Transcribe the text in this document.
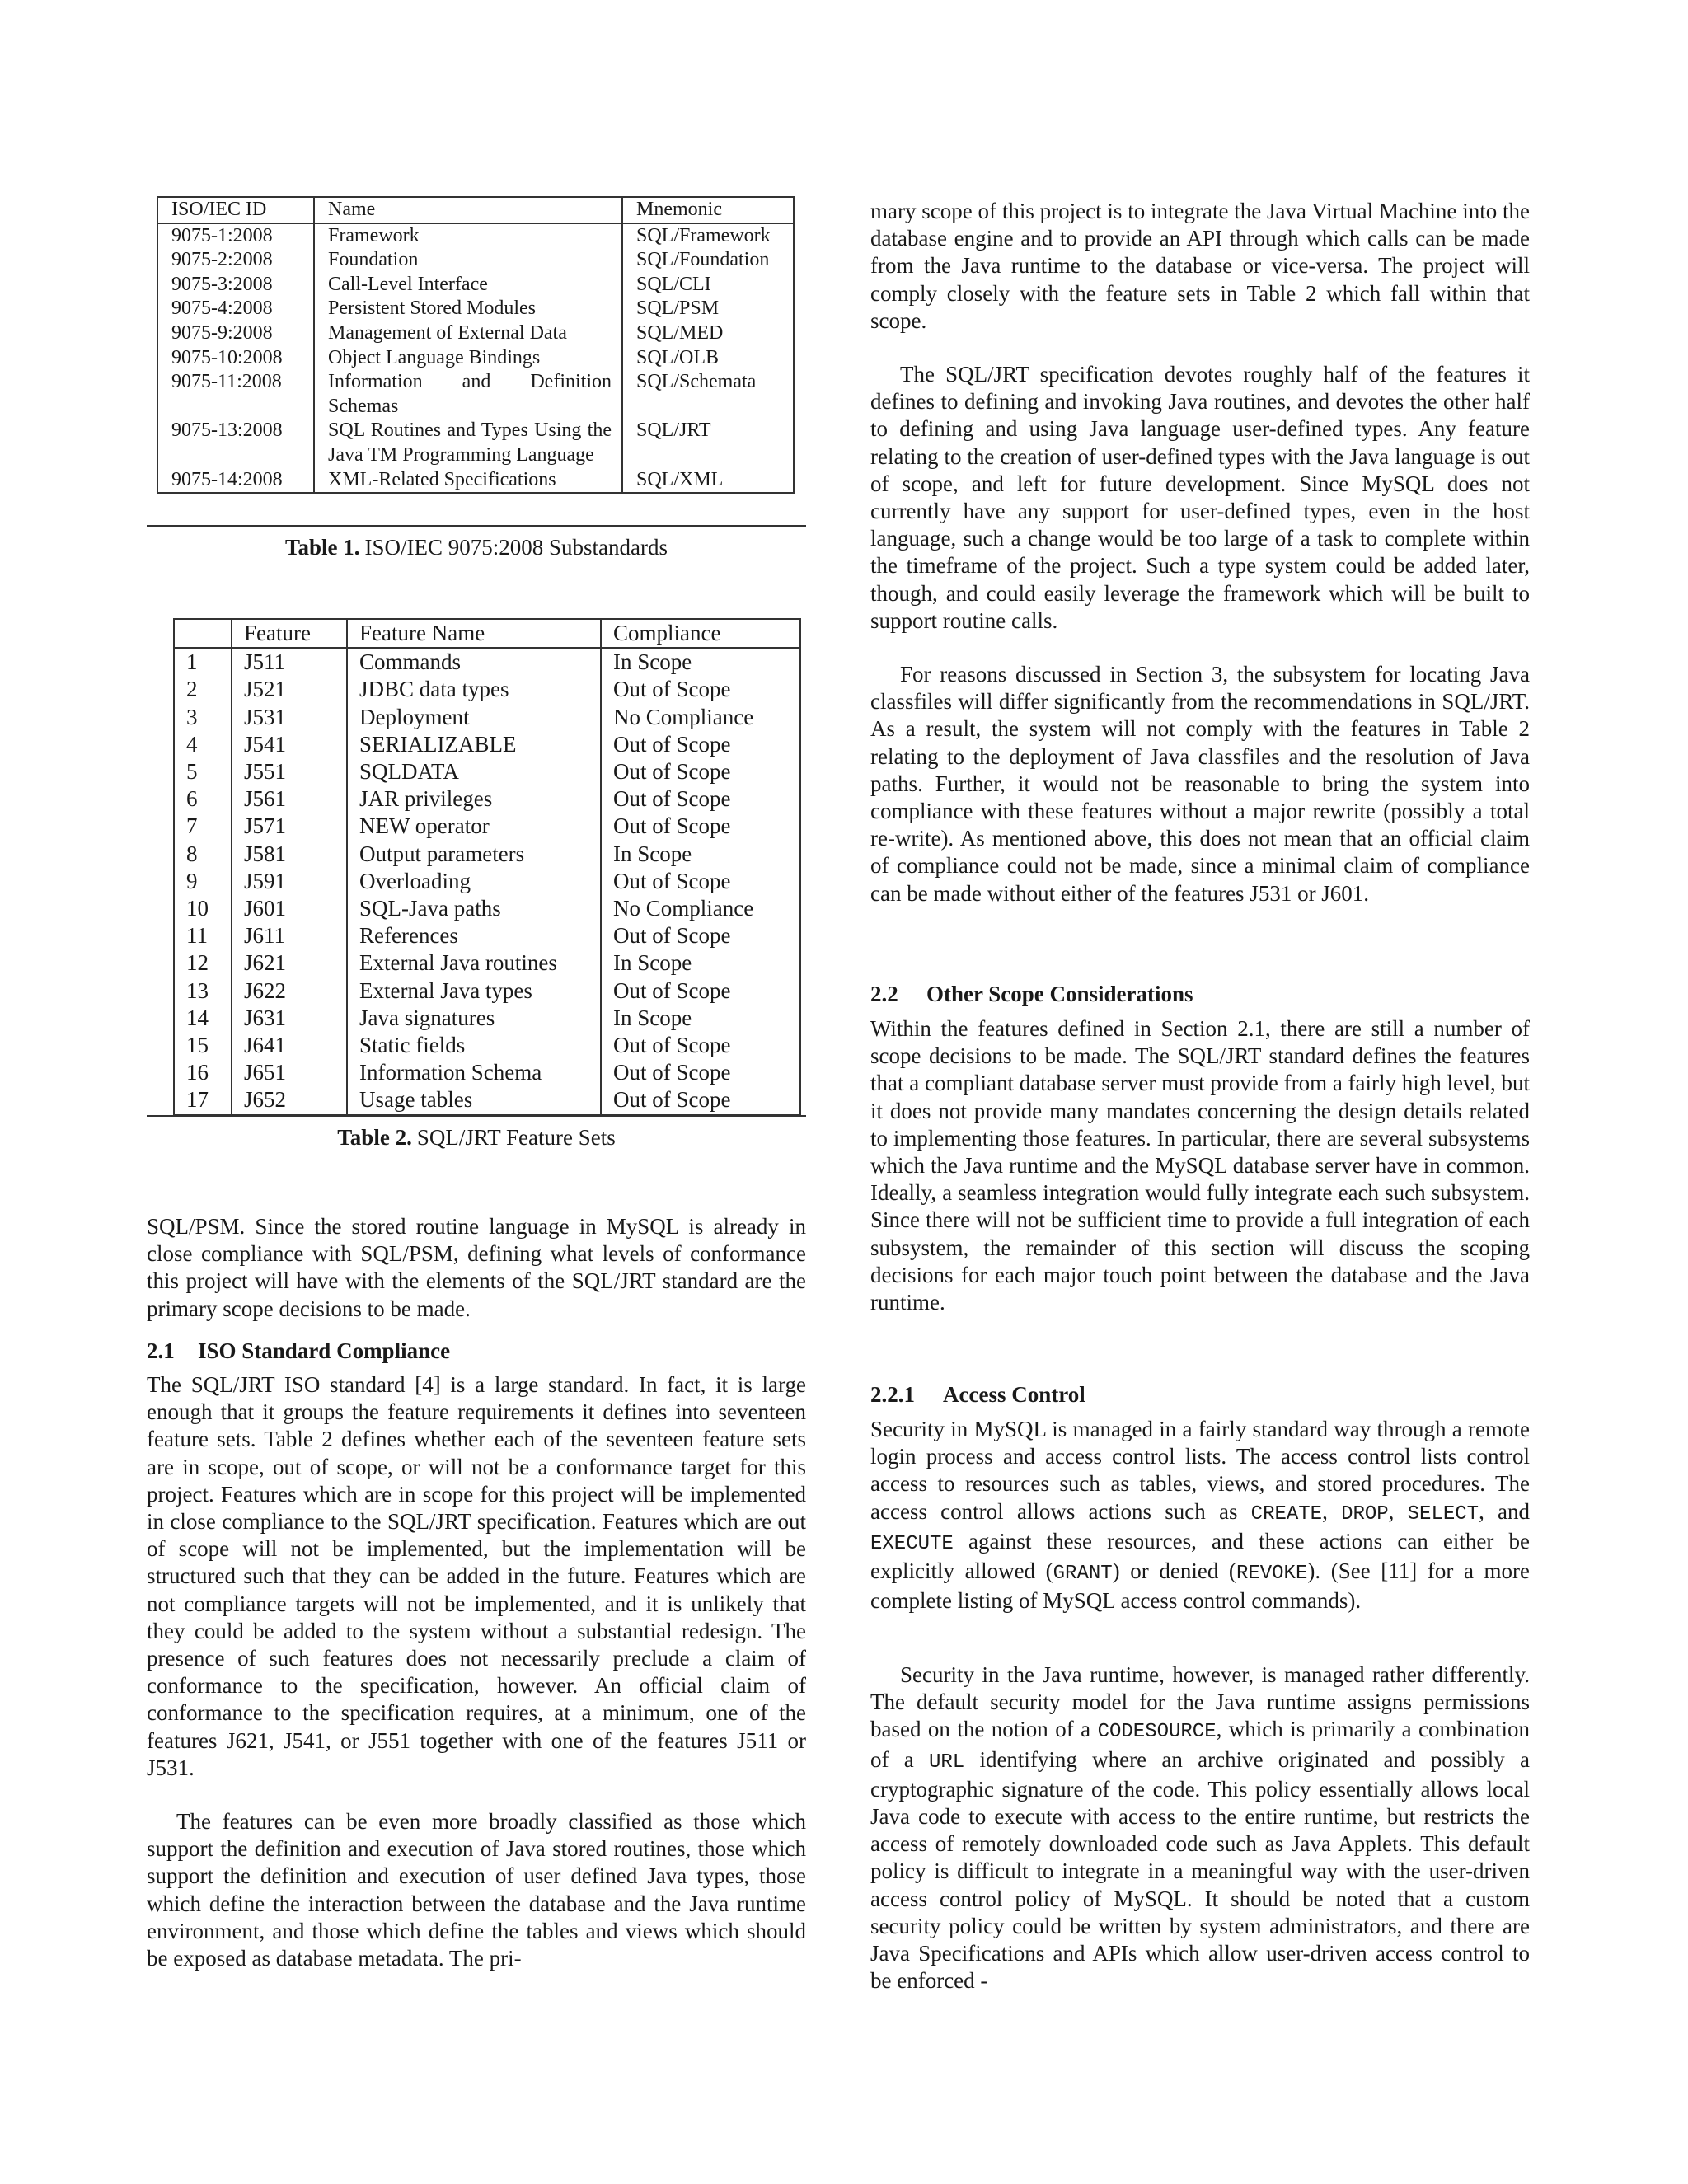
ISO/IEC ID	Name	Mnemonic
9075-1:2008	Framework	SQL/Framework
9075-2:2008	Foundation	SQL/Foundation
9075-3:2008	Call-Level Interface	SQL/CLI
9075-4:2008	Persistent Stored Modules	SQL/PSM
9075-9:2008	Management of External Data	SQL/MED
9075-10:2008	Object Language Bindings	SQL/OLB
9075-11:2008	Information and Definition Schemas	SQL/Schemata
9075-13:2008	SQL Routines and Types Using the Java TM Programming Language	SQL/JRT
9075-14:2008	XML-Related Specifications	SQL/XML
Table 1. ISO/IEC 9075:2008 Substandards
	Feature	Feature Name	Compliance
1	J511	Commands	In Scope
2	J521	JDBC data types	Out of Scope
3	J531	Deployment	No Compliance
4	J541	SERIALIZABLE	Out of Scope
5	J551	SQLDATA	Out of Scope
6	J561	JAR privileges	Out of Scope
7	J571	NEW operator	Out of Scope
8	J581	Output parameters	In Scope
9	J591	Overloading	Out of Scope
10	J601	SQL-Java paths	No Compliance
11	J611	References	Out of Scope
12	J621	External Java routines	In Scope
13	J622	External Java types	Out of Scope
14	J631	Java signatures	In Scope
15	J641	Static fields	Out of Scope
16	J651	Information Schema	Out of Scope
17	J652	Usage tables	Out of Scope
Table 2. SQL/JRT Feature Sets

SQL/PSM. Since the stored routine language in MySQL is already in close compliance with SQL/PSM, defining what levels of conformance this project will have with the elements of the SQL/JRT standard are the primary scope decisions to be made.

2.1 ISO Standard Compliance

The SQL/JRT ISO standard [4] is a large standard. In fact, it is large enough that it groups the feature requirements it defines into seventeen feature sets. Table 2 defines whether each of the seventeen feature sets are in scope, out of scope, or will not be a conformance target for this project. Features which are in scope for this project will be implemented in close compliance to the SQL/JRT specification. Features which are out of scope will not be implemented, but the implementation will be structured such that they can be added in the future. Features which are not compliance targets will not be implemented, and it is unlikely that they could be added to the system without a substantial redesign. The presence of such features does not necessarily preclude a claim of conformance to the specification, however. An official claim of conformance to the specification requires, at a minimum, one of the features J621, J541, or J551 together with one of the features J511 or J531.

The features can be even more broadly classified as those which support the definition and execution of Java stored routines, those which support the definition and execution of user defined Java types, those which define the interaction between the database and the Java runtime environment, and those which define the tables and views which should be exposed as database metadata. The pri-

mary scope of this project is to integrate the Java Virtual Machine into the database engine and to provide an API through which calls can be made from the Java runtime to the database or vice-versa. The project will comply closely with the feature sets in Table 2 which fall within that scope.

The SQL/JRT specification devotes roughly half of the features it defines to defining and invoking Java routines, and devotes the other half to defining and using Java language user-defined types. Any feature relating to the creation of user-defined types with the Java language is out of scope, and left for future development. Since MySQL does not currently have any support for user-defined types, even in the host language, such a change would be too large of a task to complete within the timeframe of the project. Such a type system could be added later, though, and could easily leverage the framework which will be built to support routine calls.

For reasons discussed in Section 3, the subsystem for locating Java classfiles will differ significantly from the recommendations in SQL/JRT. As a result, the system will not comply with the features in Table 2 relating to the deployment of Java classfiles and the resolution of Java paths. Further, it would not be reasonable to bring the system into compliance with these features without a major rewrite (possibly a total re-write). As mentioned above, this does not mean that an official claim of compliance could not be made, since a minimal claim of compliance can be made without either of the features J531 or J601.

2.2 Other Scope Considerations

Within the features defined in Section 2.1, there are still a number of scope decisions to be made. The SQL/JRT standard defines the features that a compliant database server must provide from a fairly high level, but it does not provide many mandates concerning the design details related to implementing those features. In particular, there are several subsystems which the Java runtime and the MySQL database server have in common. Ideally, a seamless integration would fully integrate each such subsystem. Since there will not be sufficient time to provide a full integration of each subsystem, the remainder of this section will discuss the scoping decisions for each major touch point between the database and the Java runtime.

2.2.1 Access Control

Security in MySQL is managed in a fairly standard way through a remote login process and access control lists. The access control lists control access to resources such as tables, views, and stored procedures. The access control allows actions such as CREATE, DROP, SELECT, and EXECUTE against these resources, and these actions can either be explicitly allowed (GRANT) or denied (REVOKE). (See [11] for a more complete listing of MySQL access control commands).

Security in the Java runtime, however, is managed rather differently. The default security model for the Java runtime assigns permissions based on the notion of a CODESOURCE, which is primarily a combination of a URL identifying where an archive originated and possibly a cryptographic signature of the code. This policy essentially allows local Java code to execute with access to the entire runtime, but restricts the access of remotely downloaded code such as Java Applets. This default policy is difficult to integrate in a meaningful way with the user-driven access control policy of MySQL. It should be noted that a custom security policy could be written by system administrators, and there are Java Specifications and APIs which allow user-driven access control to be enforced -
